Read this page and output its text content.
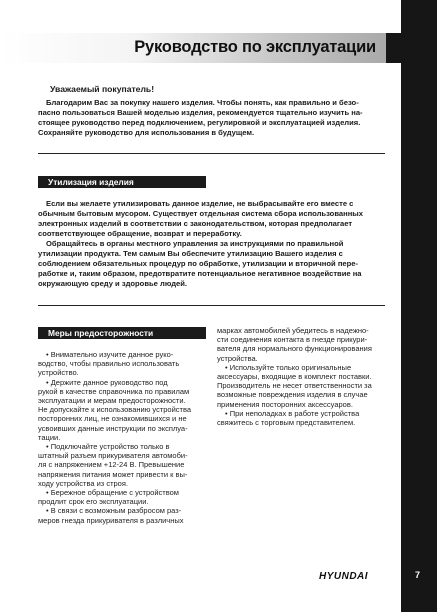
Руководство по эксплуатации
Уважаемый покупатель!
Благодарим Вас за покупку нашего изделия. Чтобы понять, как правильно и безо-
пасно пользоваться Вашей моделью изделия, рекомендуется тщательно изучить на-
стоящее руководство перед подключением, регулировкой и эксплуатацией изделия.
Сохраняйте руководство для использования в будущем.
Утилизация изделия
Если вы желаете утилизировать данное изделие, не выбрасывайте его вместе с
обычным бытовым мусором. Существует отдельная система сбора использованных
электронных изделий в соответствии с законодательством, которая предполагает
соответствующее обращение, возврат и переработку.
Обращайтесь в органы местного управления за инструкциями по правильной
утилизации продукта. Тем самым Вы обеспечите утилизацию Вашего изделия с
соблюдением обязательных процедур по обработке, утилизации и вторичной пере-
работке и, таким образом, предотвратите потенциальное негативное воздействие на
окружающую среду и здоровье людей.
Меры предосторожности
• Внимательно изучите данное руко-
водство, чтобы правильно использовать
устройство.
• Держите данное руководство под
рукой в качестве справочника по правилам
эксплуатации и мерам предосторожности.
Не допускайте к использованию устройства
посторонних лиц, не ознакомившихся и не
усвоивших данные инструкции по эксплуа-
тации.
• Подключайте устройство только в
штатный разъем прикуривателя автомоби-
ля с напряжением +12-24 В. Превышение
напряжения питания может привести к вы-
ходу устройства из строя.
• Бережное обращение с устройством
продлит срок его эксплуатации.
• В связи с возможным разбросом раз-
меров гнезда прикуривателя в различных
марках автомобилей убедитесь в надежно-
сти соединения контакта в гнезде прикури-
вателя для нормального функционирования
устройства.
• Используйте только оригинальные
аксессуары, входящие в комплект поставки.
Производитель не несет ответственности за
возможные повреждения изделия в случае
применения посторонних аксессуаров.
• При неполадках в работе устройства
свяжитесь с торговым представителем.
HYUNDAI	7
